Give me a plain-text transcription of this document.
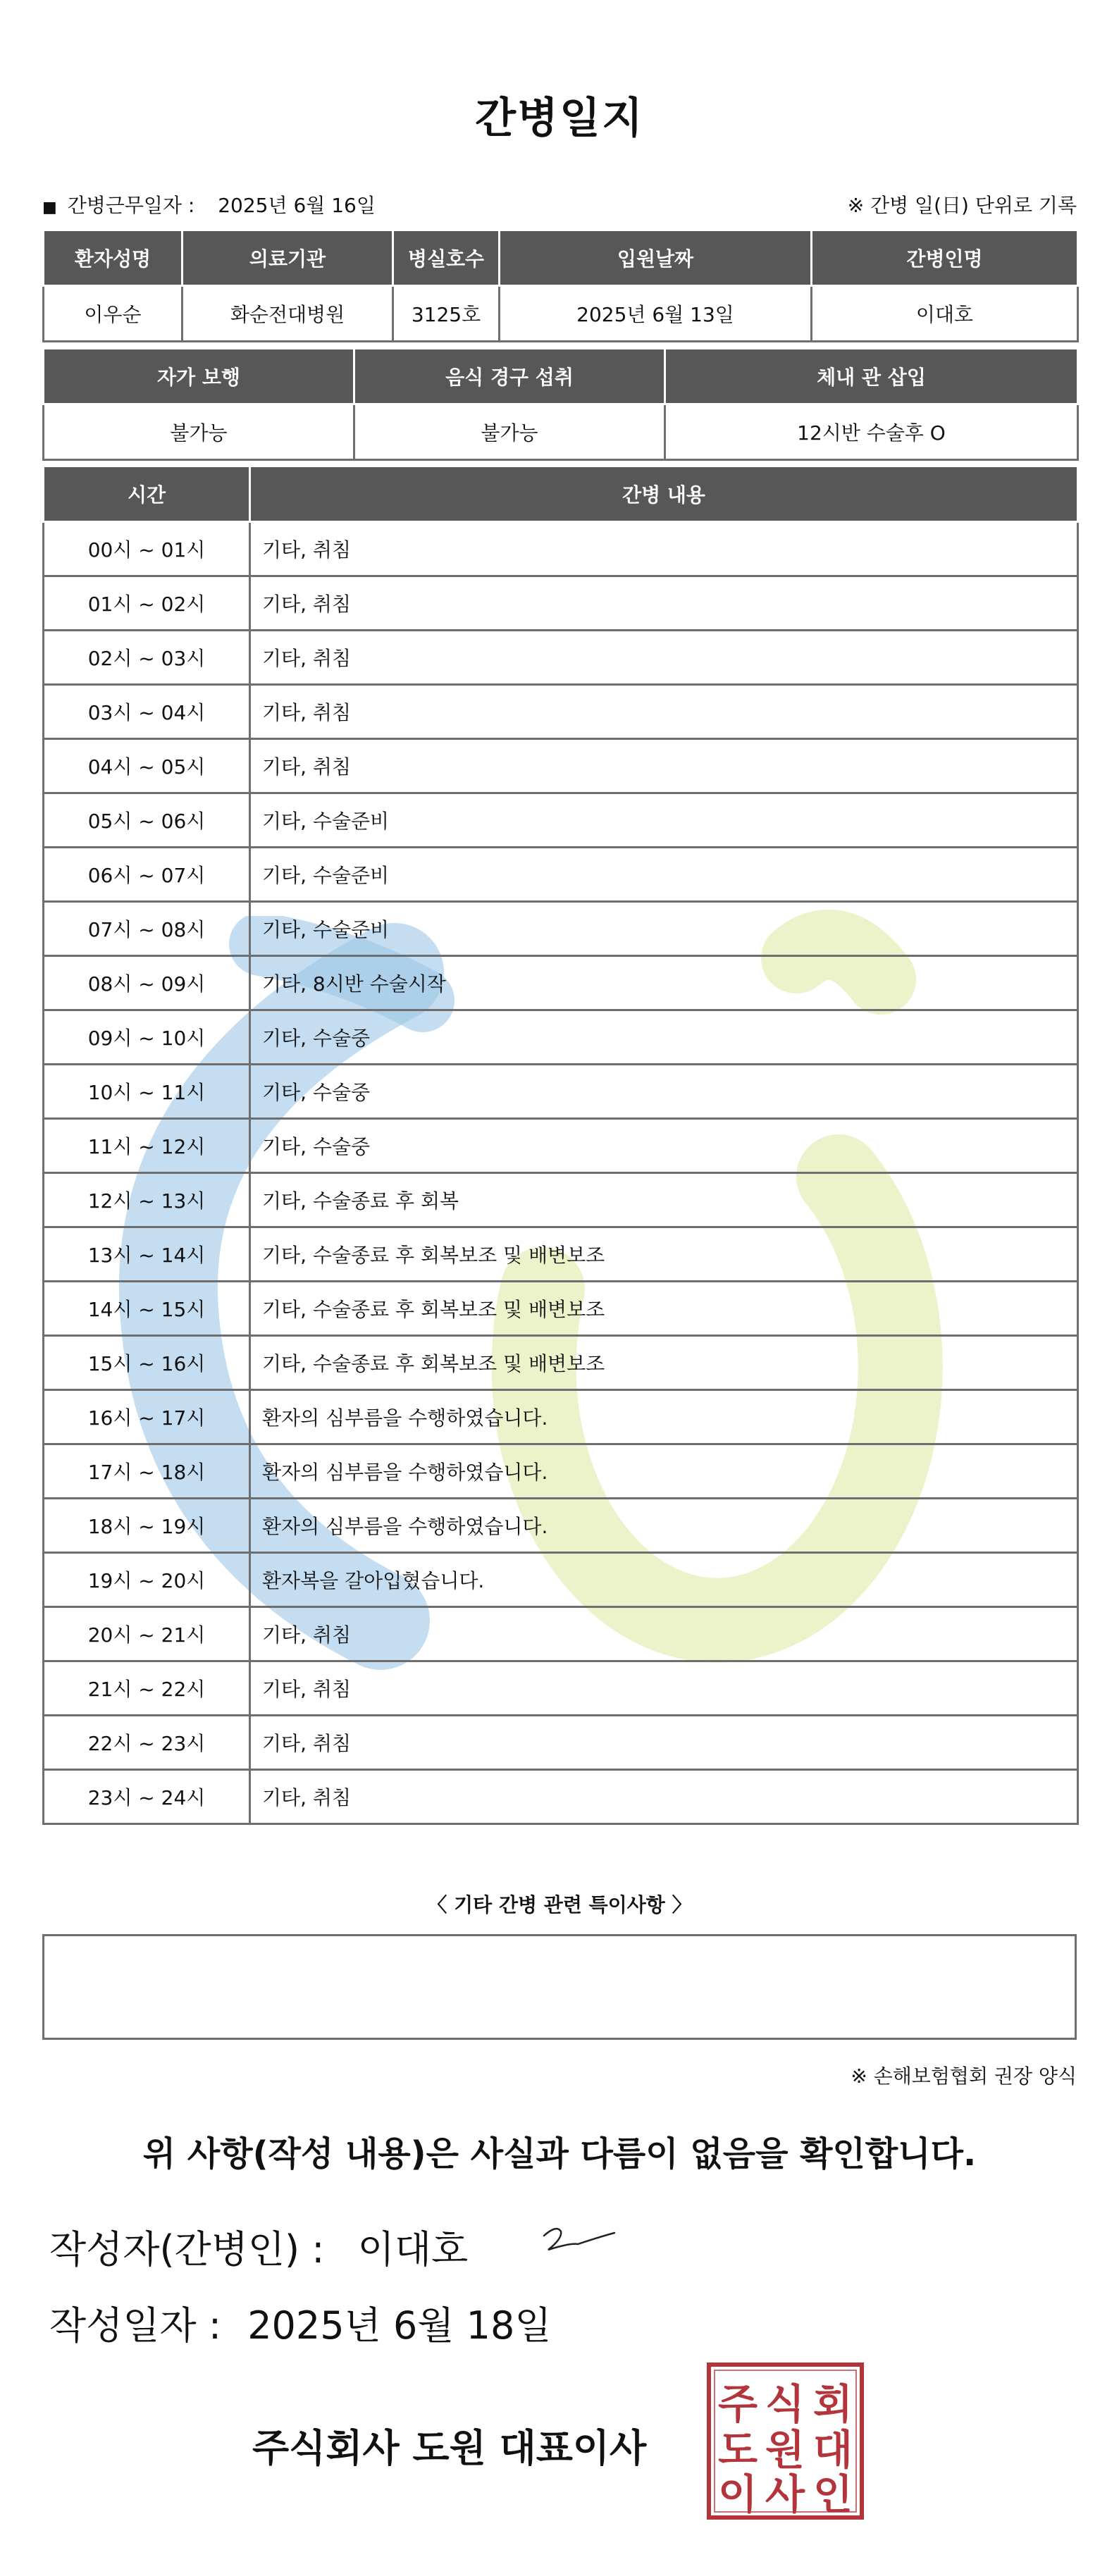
간병일지
■ 간병근무일자 : 2025년 6월 16일	※ 간병 일(日) 단위로 기록
환자성명	의료기관	병실호수	입원날짜	간병인명
이우순	화순전대병원	3125호	2025년 6월 13일	이대호
자가 보행	음식 경구 섭취	체내 관 삽입
불가능	불가능	12시반 수술후 O
시간	간병 내용
00시 ~ 01시	기타, 취침
01시 ~ 02시	기타, 취침
02시 ~ 03시	기타, 취침
03시 ~ 04시	기타, 취침
04시 ~ 05시	기타, 취침
05시 ~ 06시	기타, 수술준비
06시 ~ 07시	기타, 수술준비
07시 ~ 08시	기타, 수술준비
08시 ~ 09시	기타, 8시반 수술시작
09시 ~ 10시	기타, 수술중
10시 ~ 11시	기타, 수술중
11시 ~ 12시	기타, 수술중
12시 ~ 13시	기타, 수술종료 후 회복
13시 ~ 14시	기타, 수술종료 후 회복보조 및 배변보조
14시 ~ 15시	기타, 수술종료 후 회복보조 및 배변보조
15시 ~ 16시	기타, 수술종료 후 회복보조 및 배변보조
16시 ~ 17시	환자의 심부름을 수행하였습니다.
17시 ~ 18시	환자의 심부름을 수행하였습니다.
18시 ~ 19시	환자의 심부름을 수행하였습니다.
19시 ~ 20시	환자복을 갈아입혔습니다.
20시 ~ 21시	기타, 취침
21시 ~ 22시	기타, 취침
22시 ~ 23시	기타, 취침
23시 ~ 24시	기타, 취침
〈 기타 간병 관련 특이사항 〉
※ 손해보험협회 권장 양식
위 사항(작성 내용)은 사실과 다름이 없음을 확인합니다.
작성자(간병인) : 이대호
작성일자 : 2025년 6월 18일
주식회사 도원 대표이사
주 식 회
도 원 대
이 사 인
